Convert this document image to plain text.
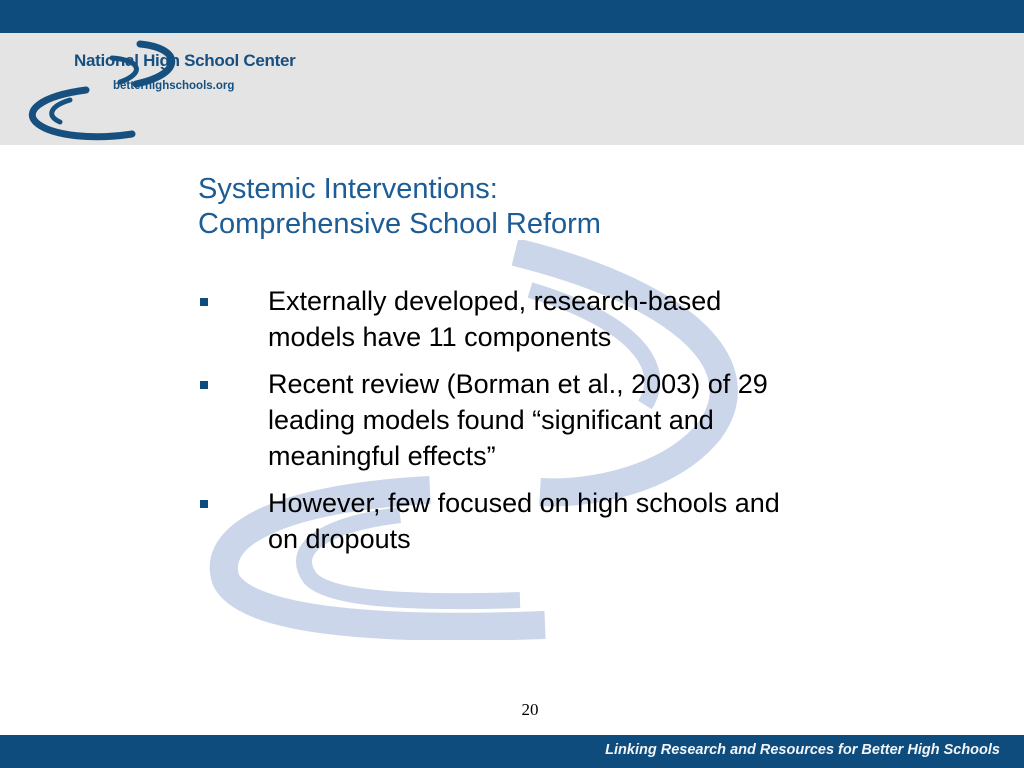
National High School Center

betterhighschools.org

Systemic Interventions:
Comprehensive School Reform
Externally developed, research-based
models have 11 components
Recent review (Borman et al., 2003) of 29
leading models found “significant and
meaningful effects”
However, few focused on high schools and
on dropouts
20

Linking Research and Resources for Better High Schools
